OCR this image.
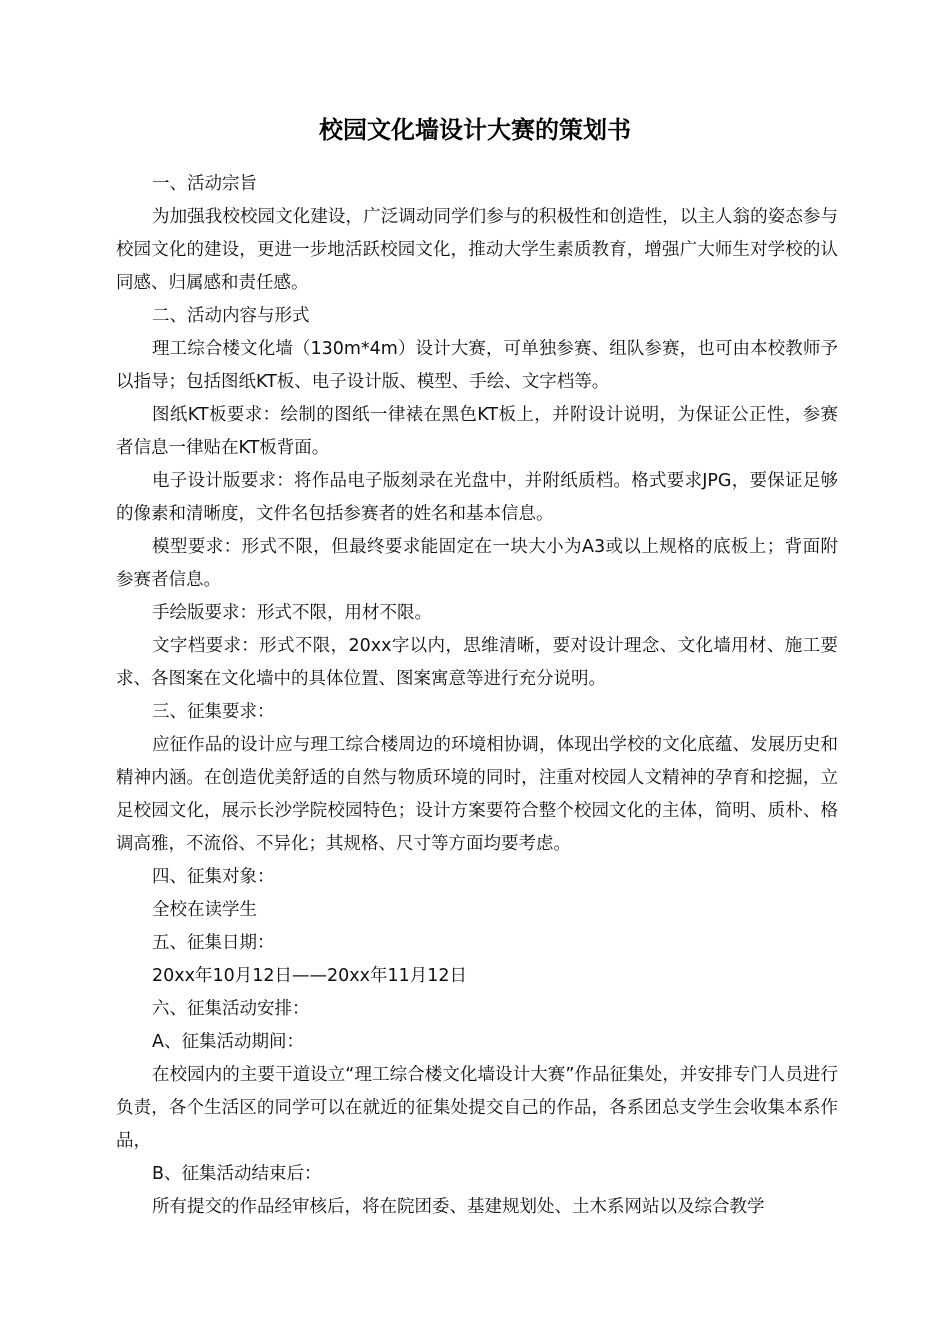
校园文化墙设计大赛的策划书

一、活动宗旨

为加强我校校园文化建设，广泛调动同学们参与的积极性和创造性，以主人翁的姿态参与校园文化的建设，更进一步地活跃校园文化，推动大学生素质教育，增强广大师生对学校的认同感、归属感和责任感。

二、活动内容与形式

理工综合楼文化墙（130m*4m）设计大赛，可单独参赛、组队参赛，也可由本校教师予以指导；包括图纸KT板、电子设计版、模型、手绘、文字档等。

图纸KT板要求：绘制的图纸一律裱在黑色KT板上，并附设计说明，为保证公正性，参赛者信息一律贴在KT板背面。

电子设计版要求：将作品电子版刻录在光盘中，并附纸质档。格式要求JPG，要保证足够的像素和清晰度，文件名包括参赛者的姓名和基本信息。

模型要求：形式不限，但最终要求能固定在一块大小为A3或以上规格的底板上；背面附参赛者信息。

手绘版要求：形式不限，用材不限。

文字档要求：形式不限，20xx字以内，思维清晰，要对设计理念、文化墙用材、施工要求、各图案在文化墙中的具体位置、图案寓意等进行充分说明。

三、征集要求：

应征作品的设计应与理工综合楼周边的环境相协调，体现出学校的文化底蕴、发展历史和精神内涵。在创造优美舒适的自然与物质环境的同时，注重对校园人文精神的孕育和挖掘，立足校园文化，展示长沙学院校园特色；设计方案要符合整个校园文化的主体，简明、质朴、格调高雅，不流俗、不异化；其规格、尺寸等方面均要考虑。

四、征集对象：

全校在读学生

五、征集日期：

20xx年10月12日——20xx年11月12日

六、征集活动安排：

A、征集活动期间：

在校园内的主要干道设立“理工综合楼文化墙设计大赛”作品征集处，并安排专门人员进行负责，各个生活区的同学可以在就近的征集处提交自己的作品，各系团总支学生会收集本系作品，

B、征集活动结束后：

所有提交的作品经审核后，将在院团委、基建规划处、土木系网站以及综合教学
